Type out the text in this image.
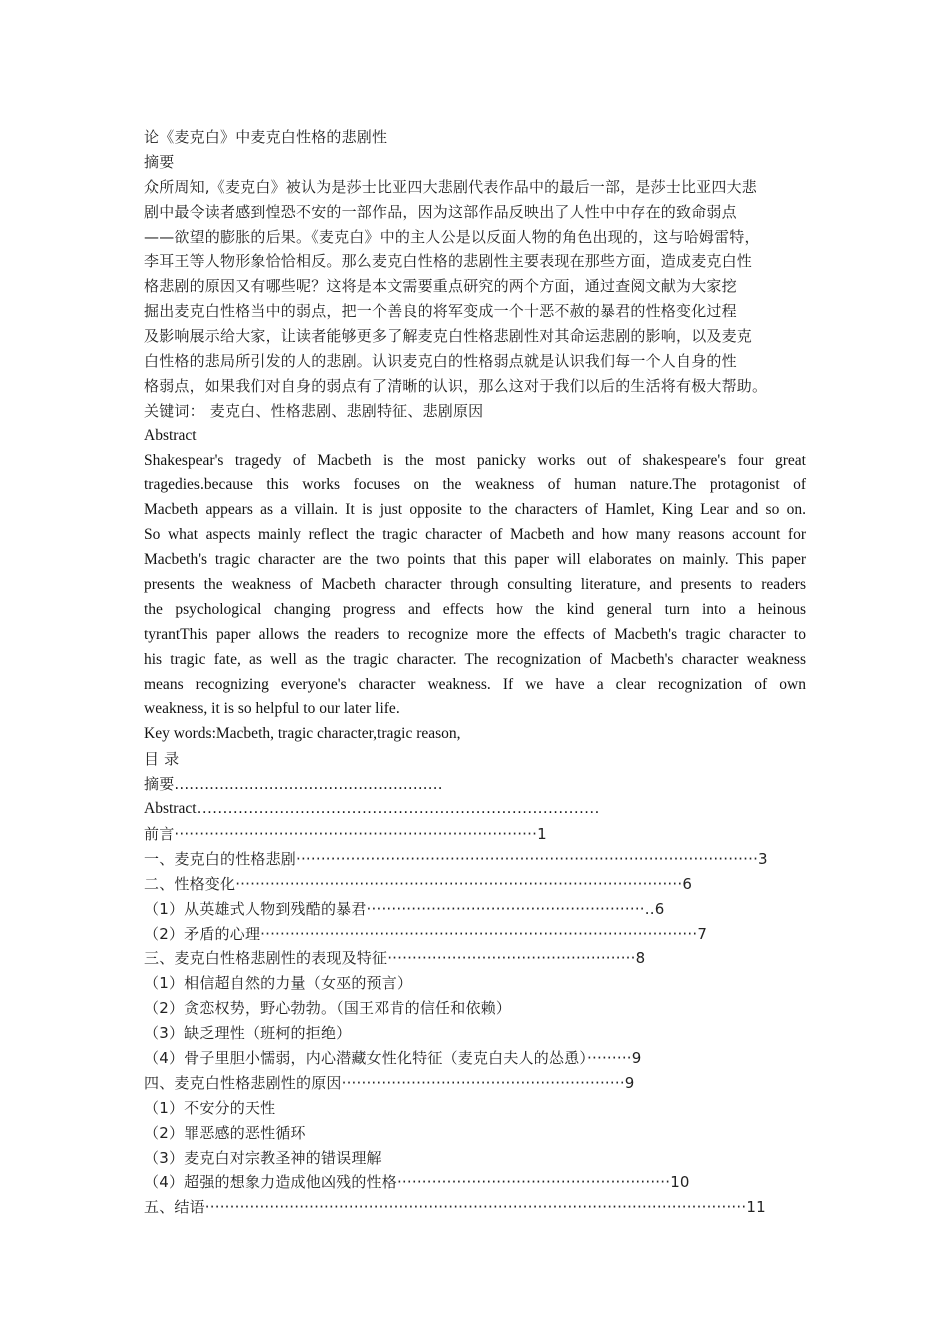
论《麦克白》中麦克白性格的悲剧性
摘要
众所周知,《麦克白》被认为是莎士比亚四大悲剧代表作品中的最后一部，是莎士比亚四大悲
剧中最令读者感到惶恐不安的一部作品，因为这部作品反映出了人性中中存在的致命弱点
——欲望的膨胀的后果。《麦克白》中的主人公是以反面人物的角色出现的，这与哈姆雷特，
李耳王等人物形象恰恰相反。那么麦克白性格的悲剧性主要表现在那些方面，造成麦克白性
格悲剧的原因又有哪些呢？这将是本文需要重点研究的两个方面，通过查阅文献为大家挖
掘出麦克白性格当中的弱点，把一个善良的将军变成一个十恶不赦的暴君的性格变化过程
及影响展示给大家，让读者能够更多了解麦克白性格悲剧性对其命运悲剧的影响，以及麦克
白性格的悲局所引发的人的悲剧。认识麦克白的性格弱点就是认识我们每一个人自身的性
格弱点，如果我们对自身的弱点有了清晰的认识，那么这对于我们以后的生活将有极大帮助。
关键词： 麦克白、性格悲剧、悲剧特征、悲剧原因
Abstract
Shakespear's tragedy of Macbeth is the most panicky works out of shakespeare's four great
tragedies.because this works focuses on the weakness of human nature.The protagonist of
Macbeth appears as a villain. It is just opposite to the characters of Hamlet, King Lear and so on.
So what aspects mainly reflect the tragic character of Macbeth and how many reasons account for
Macbeth's tragic character are the two points that this paper will elaborates on mainly. This paper
presents the weakness of Macbeth character through consulting literature, and presents to readers
the psychological changing progress and effects how the kind general turn into a heinous
tyrantThis paper allows the readers to recognize more the effects of Macbeth's tragic character to
his tragic fate, as well as the tragic character. The recognization of Macbeth's character weakness
means recognizing everyone's character weakness. If we have a clear recognization of own
weakness, it is so helpful to our later life.
Key words:Macbeth, tragic character,tragic reason,
目 录
摘要......................................................
Abstract……………………………………………………………………
前言·········································································1
一、麦克白的性格悲剧·····························································································3
二、性格变化··························································································6
（1）从英雄式人物到残酷的暴君························································..6
（2）矛盾的心理························································································7
三、麦克白性格悲剧性的表现及特征··················································8
（1）相信超自然的力量（女巫的预言）
（2）贪恋权势，野心勃勃。（国王邓肯的信任和依赖）
（3）缺乏理性（班柯的拒绝）
（4）骨子里胆小懦弱，内心潜藏女性化特征（麦克白夫人的怂恿）·········9
四、麦克白性格悲剧性的原因·························································9
（1）不安分的天性
（2）罪恶感的恶性循环
（3）麦克白对宗教圣神的错误理解
（4）超强的想象力造成他凶残的性格·······················································10
五、结语·············································································································11
